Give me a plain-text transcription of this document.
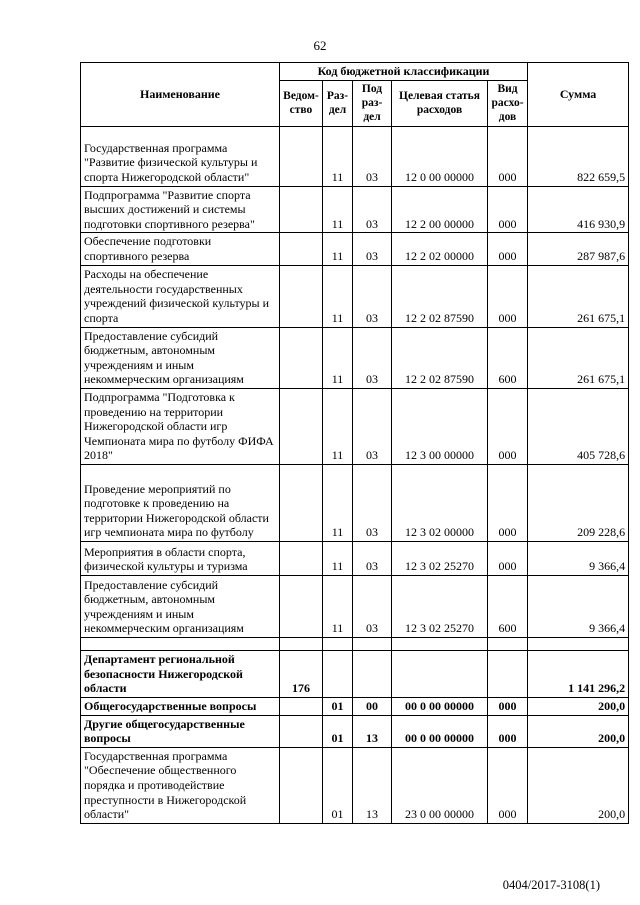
62
Наименование	Код бюджетной классификации					Сумма
	Ведом-ство	Раз-дел	Под раз-дел	Целевая статья расходов	Вид расхо-дов	
Государственная программа "Развитие физической культуры и спорта Нижегородской области"		11	03	12 0 00 00000	000	822 659,5
Подпрограмма "Развитие спорта высших достижений и системы подготовки спортивного резерва"		11	03	12 2 00 00000	000	416 930,9
Обеспечение подготовки спортивного резерва		11	03	12 2 02 00000	000	287 987,6
Расходы на обеспечение деятельности государственных учреждений физической культуры и спорта		11	03	12 2 02 87590	000	261 675,1
Предоставление субсидий бюджетным, автономным учреждениям и иным некоммерческим организациям		11	03	12 2 02 87590	600	261 675,1
Подпрограмма "Подготовка к проведению на территории Нижегородской области игр Чемпионата мира по футболу ФИФА 2018"		11	03	12 3 00 00000	000	405 728,6
Проведение мероприятий по подготовке к проведению на территории Нижегородской области игр чемпионата мира по футболу		11	03	12 3 02 00000	000	209 228,6
Мероприятия в области спорта, физической культуры и туризма		11	03	12 3 02 25270	000	9 366,4
Предоставление субсидий бюджетным, автономным учреждениям и иным некоммерческим организациям		11	03	12 3 02 25270	600	9 366,4

Департамент региональной безопасности Нижегородской области	176					1 141 296,2
Общегосударственные вопросы		01	00	00 0 00 00000	000	200,0
Другие общегосударственные вопросы		01	13	00 0 00 00000	000	200,0
Государственная программа "Обеспечение общественного порядка и противодействие преступности в Нижегородской области"		01	13	23 0 00 00000	000	200,0
0404/2017-3108(1)
